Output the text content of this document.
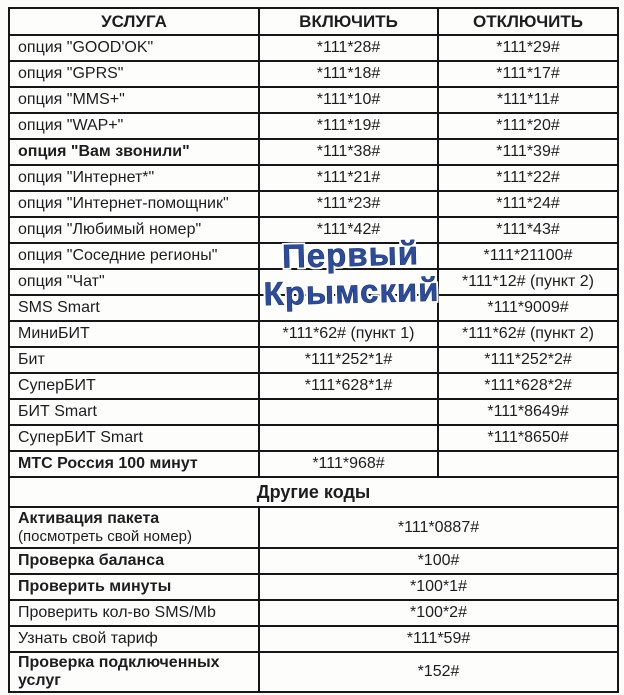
УСЛУГА	ВКЛЮЧИТЬ	ОТКЛЮЧИТЬ
опция "GOOD'OK"	*111*28#	*111*29#
опция "GPRS"	*111*18#	*111*17#
опция "MMS+"	*111*10#	*111*11#
опция "WAP+"	*111*19#	*111*20#
опция "Вам звонили"	*111*38#	*111*39#
опция "Интернет*"	*111*21#	*111*22#
опция "Интернет-помощник"	*111*23#	*111*24#
опция "Любимый номер"	*111*42#	*111*43#
опция "Соседние регионы"		*111*21100#
опция "Чат"		*111*12# (пункт 2)
SMS Smart		*111*9009#
МиниБИТ	*111*62# (пункт 1)	*111*62# (пункт 2)
Бит	*111*252*1#	*111*252*2#
СуперБИТ	*111*628*1#	*111*628*2#
БИТ Smart		*111*8649#
СуперБИТ Smart		*111*8650#
МТС Россия 100 минут	*111*968#	
Другие коды		
Активация пакета
(посмотреть свой номер)	*111*0887#	
Проверка баланса	*100#	
Проверить минуты	*100*1#	
Проверить кол-во SMS/Mb	*100*2#	
Узнать свой тариф	*111*59#	
Проверка подключенных услуг	*152#	
Первый
Крымский
